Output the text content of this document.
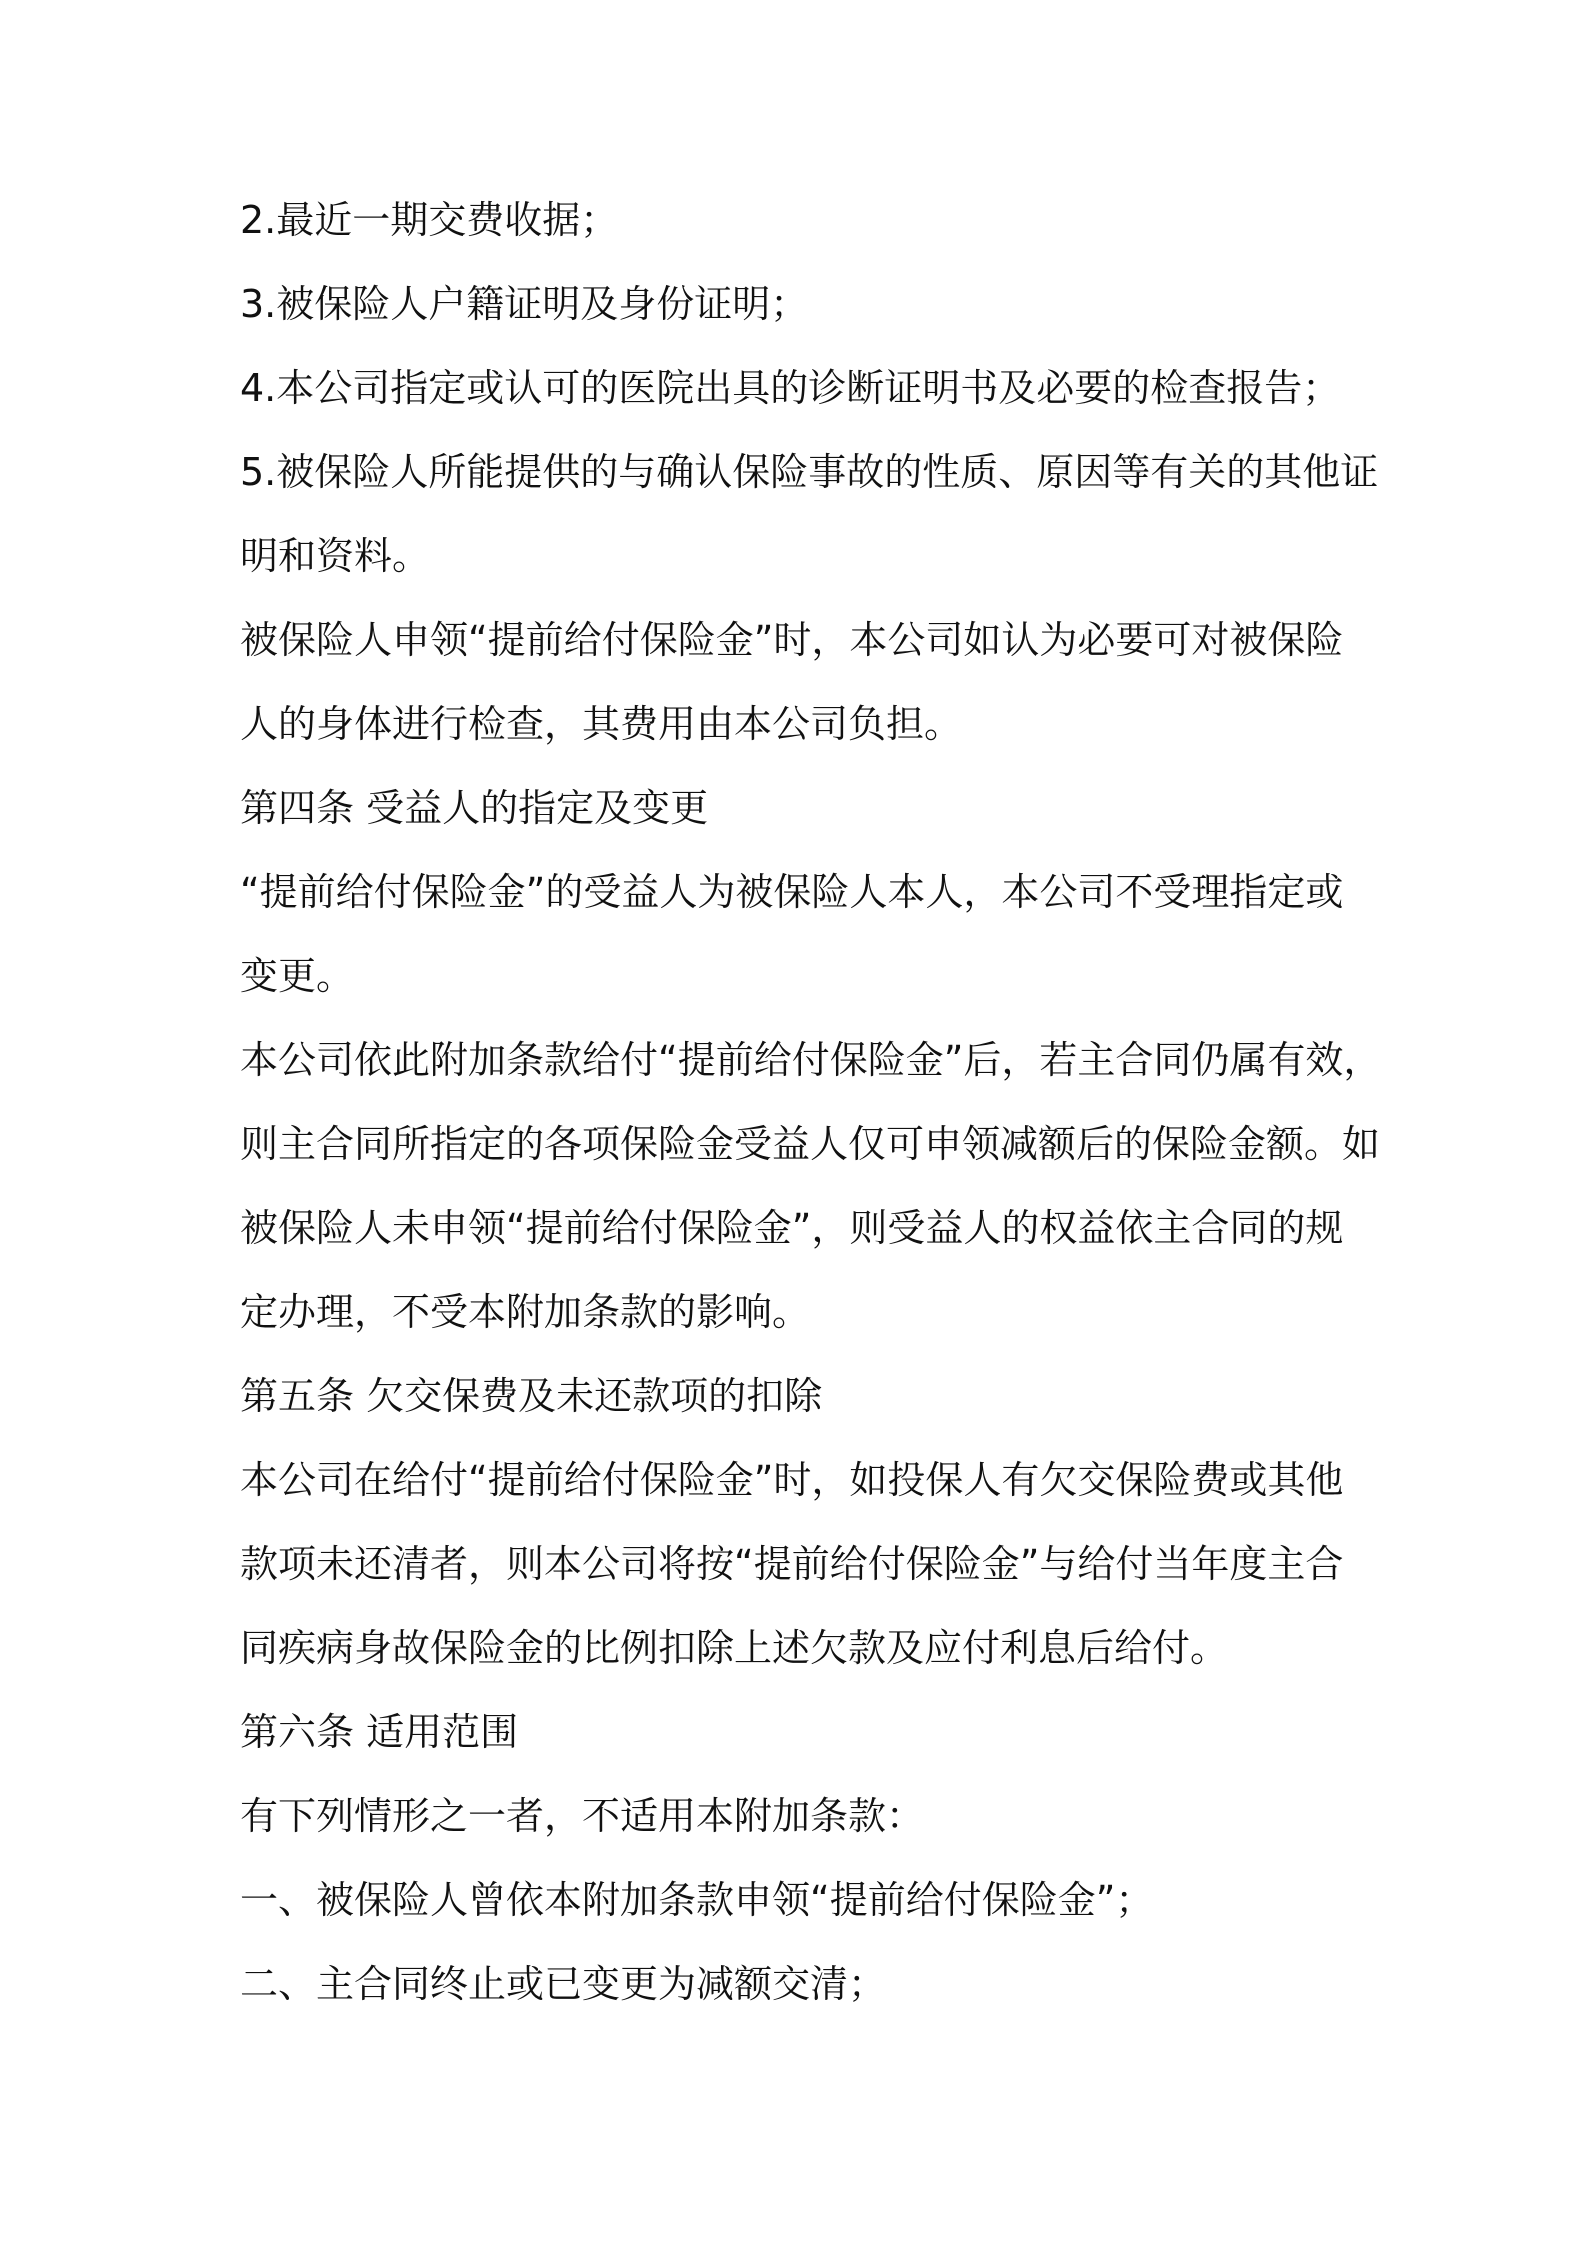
2.最近一期交费收据；
3.被保险人户籍证明及身份证明；
4.本公司指定或认可的医院出具的诊断证明书及必要的检查报告；
5.被保险人所能提供的与确认保险事故的性质、原因等有关的其他证
明和资料。
被保险人申领“提前给付保险金”时，本公司如认为必要可对被保险
人的身体进行检查，其费用由本公司负担。
第四条 受益人的指定及变更
“提前给付保险金”的受益人为被保险人本人，本公司不受理指定或
变更。
本公司依此附加条款给付“提前给付保险金”后，若主合同仍属有效，
则主合同所指定的各项保险金受益人仅可申领减额后的保险金额。如
被保险人未申领“提前给付保险金”，则受益人的权益依主合同的规
定办理，不受本附加条款的影响。
第五条 欠交保费及未还款项的扣除
本公司在给付“提前给付保险金”时，如投保人有欠交保险费或其他
款项未还清者，则本公司将按“提前给付保险金”与给付当年度主合
同疾病身故保险金的比例扣除上述欠款及应付利息后给付。
第六条 适用范围
有下列情形之一者，不适用本附加条款：
一、被保险人曾依本附加条款申领“提前给付保险金”；
二、主合同终止或已变更为减额交清；
